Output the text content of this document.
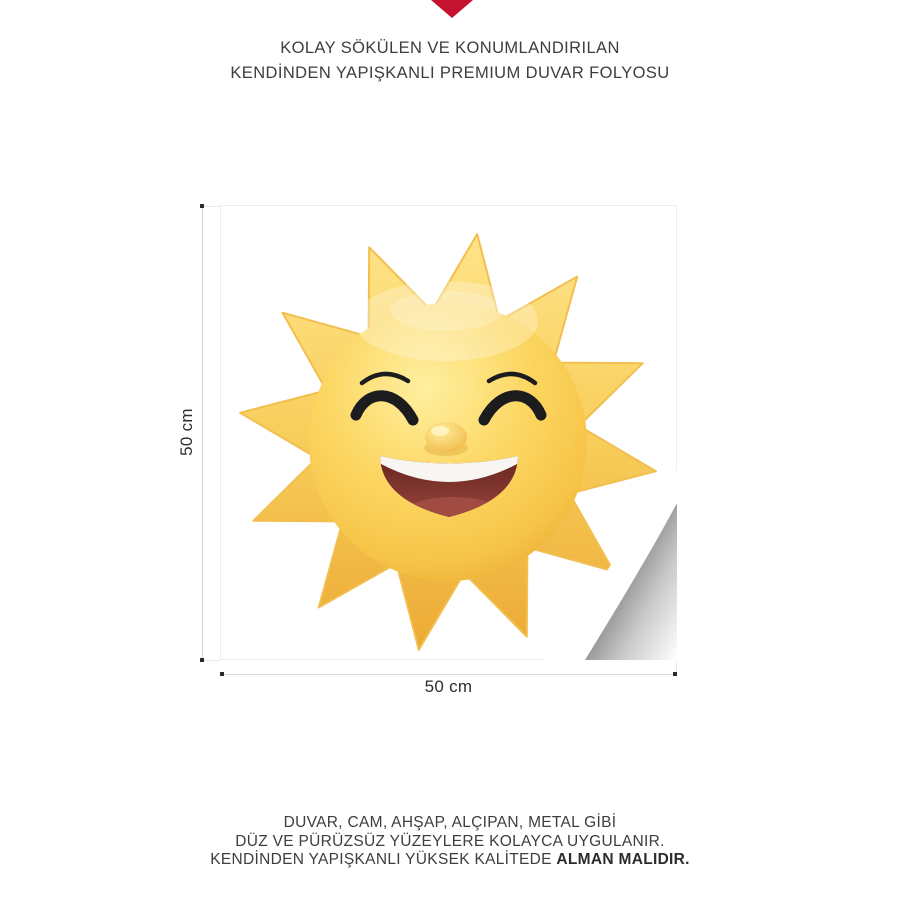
KOLAY SÖKÜLEN VE KONUMLANDIRILAN
KENDİNDEN YAPIŞKANLI PREMIUM DUVAR FOLYOSU
50 cm
50 cm
DUVAR, CAM, AHŞAP, ALÇIPAN, METAL GİBİ
DÜZ VE PÜRÜZSÜZ YÜZEYLERE KOLAYCA UYGULANIR.
KENDİNDEN YAPIŞKANLI YÜKSEK KALİTEDE ALMAN MALIDIR.
